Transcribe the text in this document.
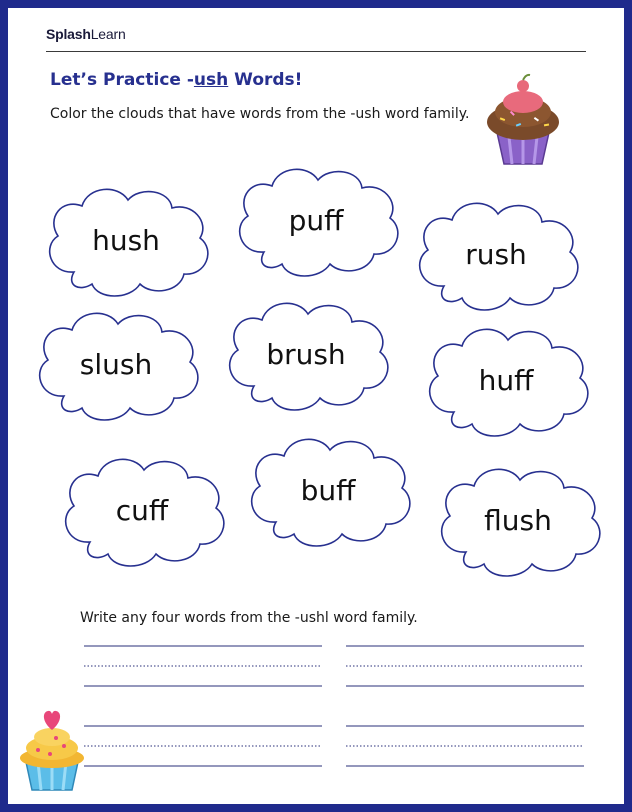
SplashLearn
Let’s Practice -ush Words!
Color the clouds that have words from the -ush word family.
hush
puff
rush
slush	brush
huff
cuff
buff
flush
Write any four words from the -ushl word family.
